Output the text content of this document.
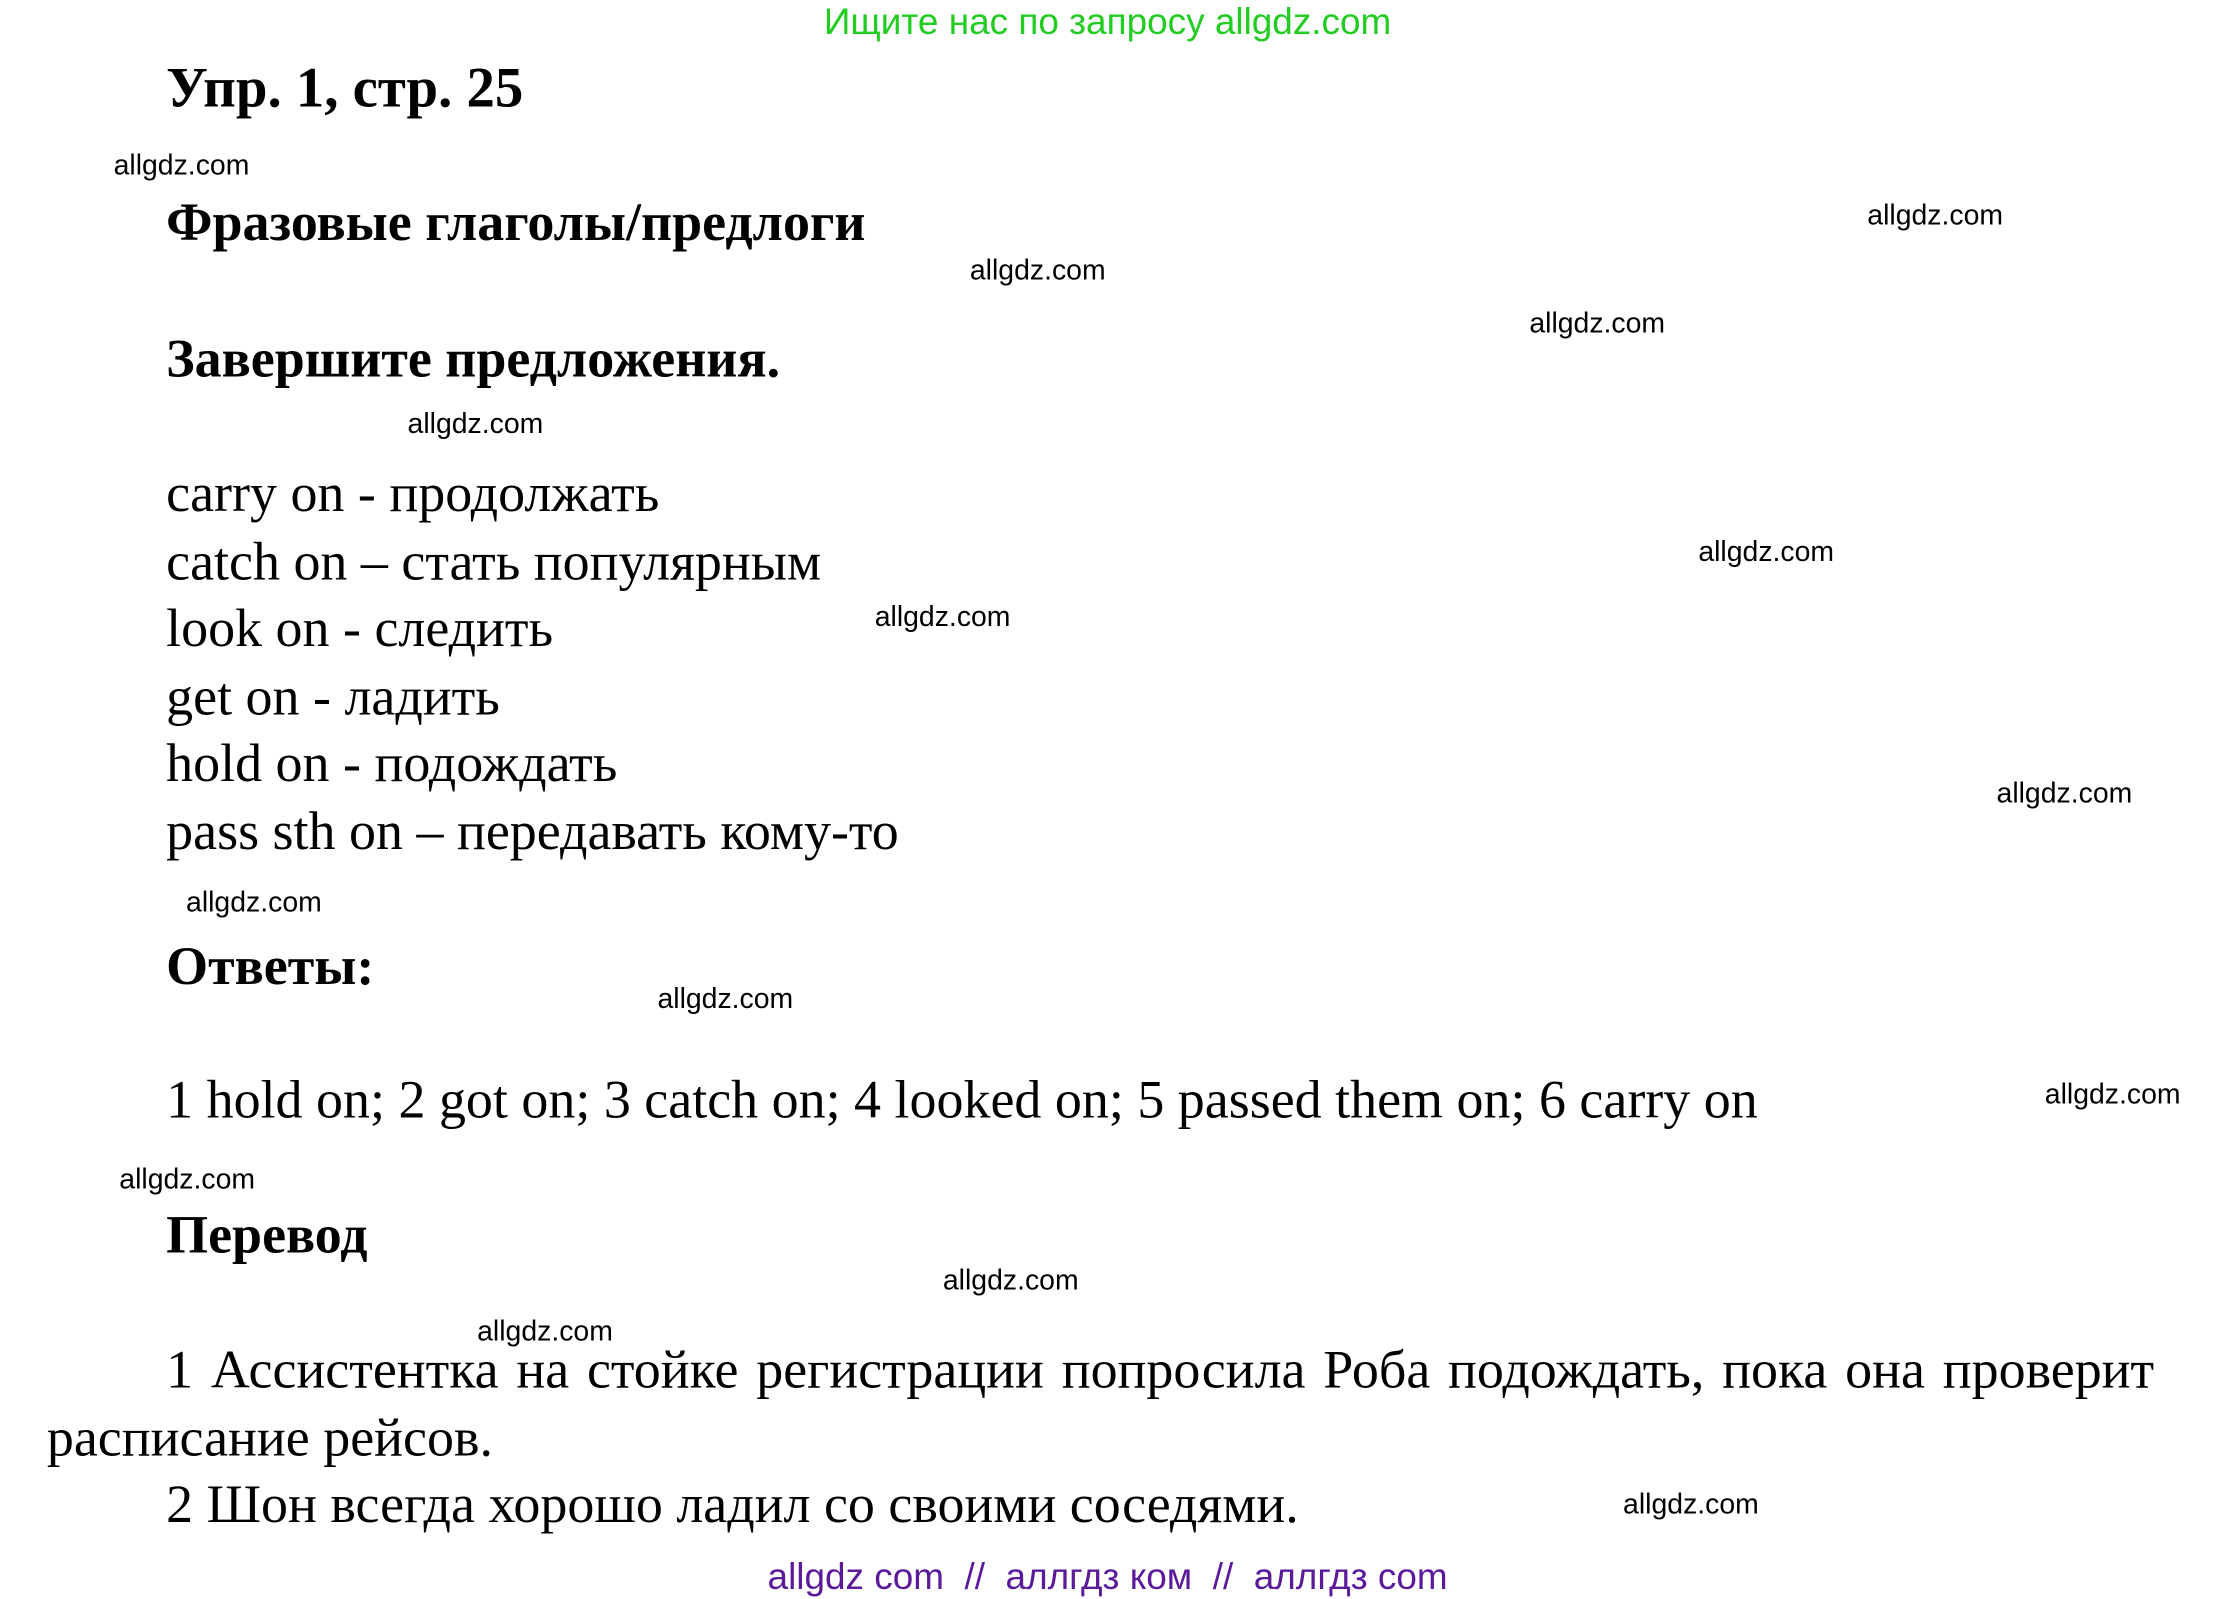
Ищите нас по запросу allgdz.com
Упр. 1, стр. 25
Фразовые глаголы/предлоги
Завершите предложения.
carry on - продолжать
catch on – стать популярным
look on - следить
get on - ладить
hold on - подождать
pass sth on – передавать кому-то
Ответы:
1 hold on; 2 got on; 3 catch on; 4 looked on; 5 passed them on; 6 carry on
Перевод
1 Ассистентка на стойке регистрации попросила Роба подождать, пока она проверит расписание рейсов.
2 Шон всегда хорошо ладил со своими соседями.
allgdz.com
allgdz.com
allgdz.com
allgdz.com
allgdz.com
allgdz.com
allgdz.com
allgdz.com
allgdz.com
allgdz.com
allgdz.com
allgdz.com
allgdz.com
allgdz.com
allgdz.com
allgdz com  //  аллгдз ком  //  аллгдз com
